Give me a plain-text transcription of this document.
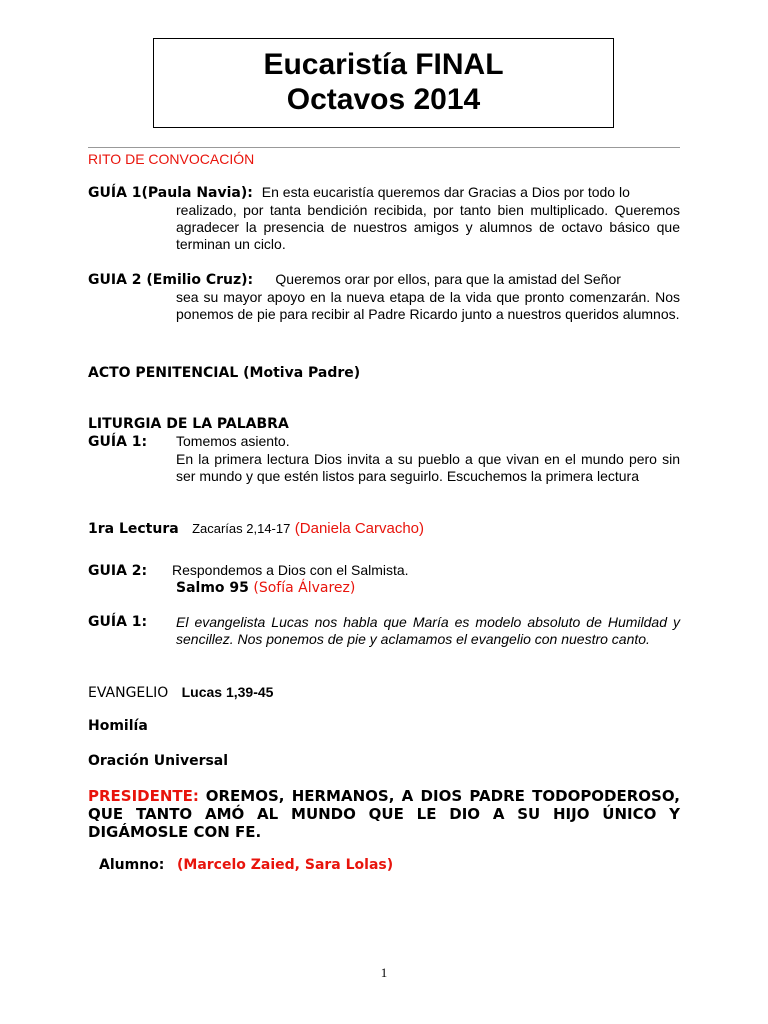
Eucaristía FINAL
Octavos 2014
RITO DE CONVOCACIÓN
GUÍA 1(Paula Navia): En esta eucaristía queremos dar Gracias a Dios por todo lo
realizado, por tanta bendición recibida, por tanto bien multiplicado. Queremos agradecer la presencia de nuestros amigos y alumnos de octavo básico que terminan un ciclo.
GUIA 2 (Emilio Cruz): Queremos orar por ellos, para que la amistad del Señor
sea su mayor apoyo en la nueva etapa de la vida que pronto comenzarán. Nos ponemos de pie para recibir al Padre Ricardo junto a nuestros queridos alumnos.
ACTO PENITENCIAL (Motiva Padre)
LITURGIA DE LA PALABRA
GUÍA 1: Tomemos asiento.
En la primera lectura Dios invita a su pueblo a que vivan en el mundo pero sin ser mundo y que estén listos para seguirlo. Escuchemos la primera lectura
1ra Lectura Zacarías 2,14-17 (Daniela Carvacho)
GUIA 2: Respondemos a Dios con el Salmista.
Salmo 95 (Sofía Álvarez)
GUÍA 1:	El evangelista Lucas nos habla que María es modelo absoluto de Humildad y sencillez. Nos ponemos de pie y aclamamos el evangelio con nuestro canto.
EVANGELIO Lucas 1,39-45
Homilía
Oración Universal
PRESIDENTE: OREMOS, HERMANOS, A DIOS PADRE TODOPODEROSO, QUE TANTO AMÓ AL MUNDO QUE LE DIO A SU HIJO ÚNICO Y DIGÁMOSLE CON FE.
Alumno: (Marcelo Zaied, Sara Lolas)
1
